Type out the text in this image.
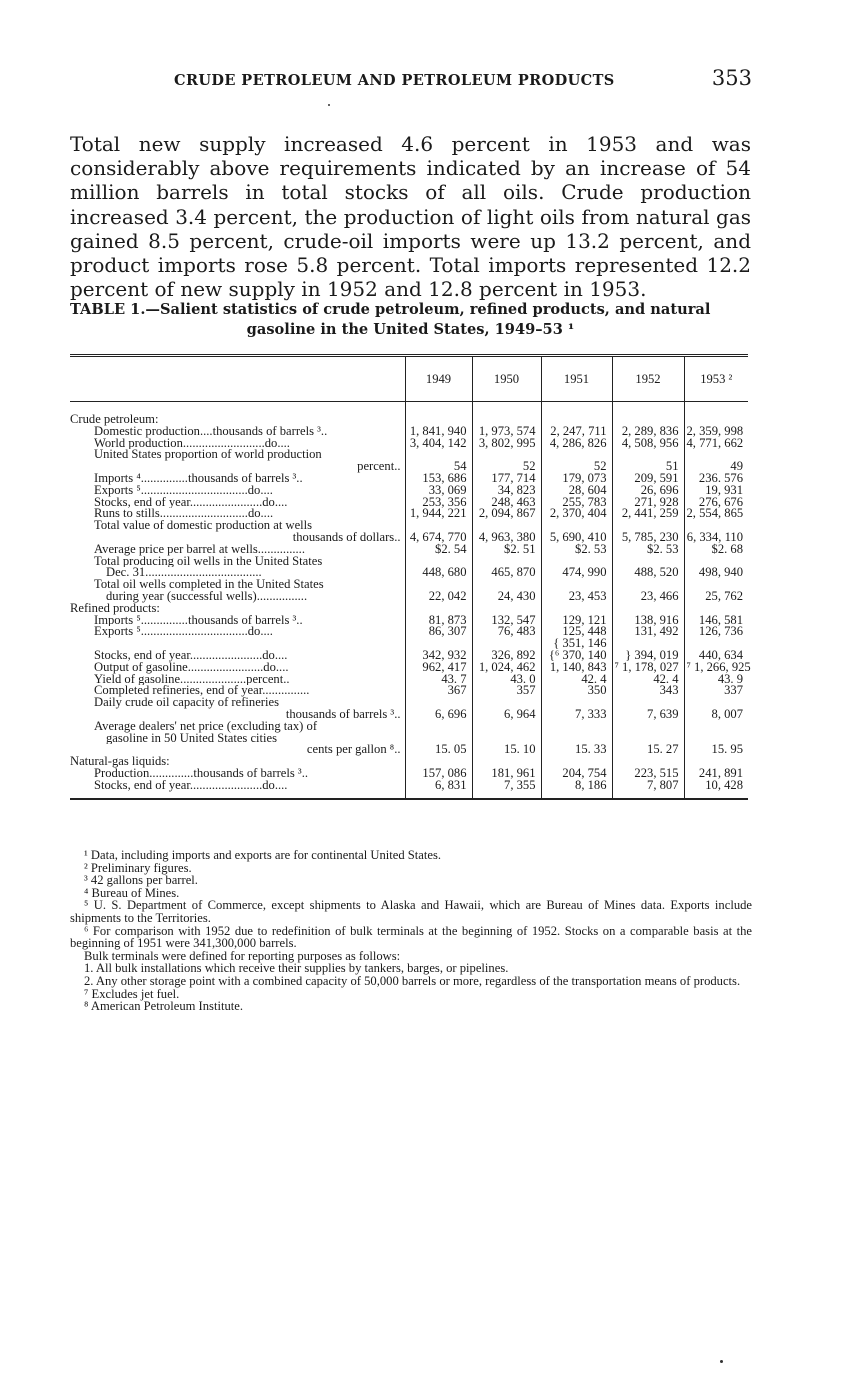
CRUDE PETROLEUM AND PETROLEUM PRODUCTS	353

Total new supply increased 4.6 percent in 1953 and was considerably above requirements indicated by an increase of 54 million barrels in total stocks of all oils. Crude production increased 3.4 percent, the production of light oils from natural gas gained 8.5 percent, crude-oil imports were up 13.2 percent, and product imports rose 5.8 percent. Total imports represented 12.2 percent of new supply in 1952 and 12.8 percent in 1953.

TABLE 1.—Salient statistics of crude petroleum, refined products, and natural

gasoline in the United States, 1949–53 ¹
	1949	1950	1951	1952	1953 ²
Crude petroleum:					
Domestic production....thousands of barrels ³..	1, 841, 940	1, 973, 574	2, 247, 711	2, 289, 836	2, 359, 998
World production..........................do....	3, 404, 142	3, 802, 995	4, 286, 826	4, 508, 956	4, 771, 662
United States proportion of world production					
percent..	54	52	52	51	49
Imports ⁴...............thousands of barrels ³..	153, 686	177, 714	179, 073	209, 591	236. 576
Exports ⁵..................................do....	33, 069	34, 823	28, 604	26, 696	19, 931
Stocks, end of year.......................do....	253, 356	248, 463	255, 783	271, 928	276, 676
Runs to stills............................do....	1, 944, 221	2, 094, 867	2, 370, 404	2, 441, 259	2, 554, 865
Total value of domestic production at wells					
thousands of dollars..	4, 674, 770	4, 963, 380	5, 690, 410	5, 785, 230	6, 334, 110
Average price per barrel at wells...............	$2. 54	$2. 51	$2. 53	$2. 53	$2. 68
Total producing oil wells in the United States					
Dec. 31.....................................	448, 680	465, 870	474, 990	488, 520	498, 940
Total oil wells completed in the United States					
during year (successful wells)................	22, 042	24, 430	23, 453	23, 466	25, 762
Refined products:					
Imports ⁵...............thousands of barrels ³..	81, 873	132, 547	129, 121	138, 916	146, 581
Exports ⁵..................................do....	86, 307	76, 483	125, 448	131, 492	126, 736
			{ 351, 146		
Stocks, end of year.......................do....	342, 932	326, 892	{⁶ 370, 140	} 394, 019	440, 634
Output of gasoline........................do....	962, 417	1, 024, 462	1, 140, 843	⁷ 1, 178, 027	⁷ 1, 266, 925
Yield of gasoline.....................percent..	43. 7	43. 0	42. 4	42. 4	43. 9
Completed refineries, end of year...............	367	357	350	343	337
Daily crude oil capacity of refineries					
thousands of barrels ³..	6, 696	6, 964	7, 333	7, 639	8, 007
Average dealers' net price (excluding tax) of					
gasoline in 50 United States cities					
cents per gallon ⁸..	15. 05	15. 10	15. 33	15. 27	15. 95
Natural-gas liquids:					
Production..............thousands of barrels ³..	157, 086	181, 961	204, 754	223, 515	241, 891
Stocks, end of year.......................do....	6, 831	7, 355	8, 186	7, 807	10, 428

¹ Data, including imports and exports are for continental United States.

² Preliminary figures.

³ 42 gallons per barrel.

⁴ Bureau of Mines.

⁵ U. S. Department of Commerce, except shipments to Alaska and Hawaii, which are Bureau of Mines data. Exports include shipments to the Territories.

⁶ For comparison with 1952 due to redefinition of bulk terminals at the beginning of 1952. Stocks on a comparable basis at the beginning of 1951 were 341,300,000 barrels.

Bulk terminals were defined for reporting purposes as follows:

1. All bulk installations which receive their supplies by tankers, barges, or pipelines.

2. Any other storage point with a combined capacity of 50,000 barrels or more, regardless of the transportation means of products.

⁷ Excludes jet fuel.

⁸ American Petroleum Institute.
